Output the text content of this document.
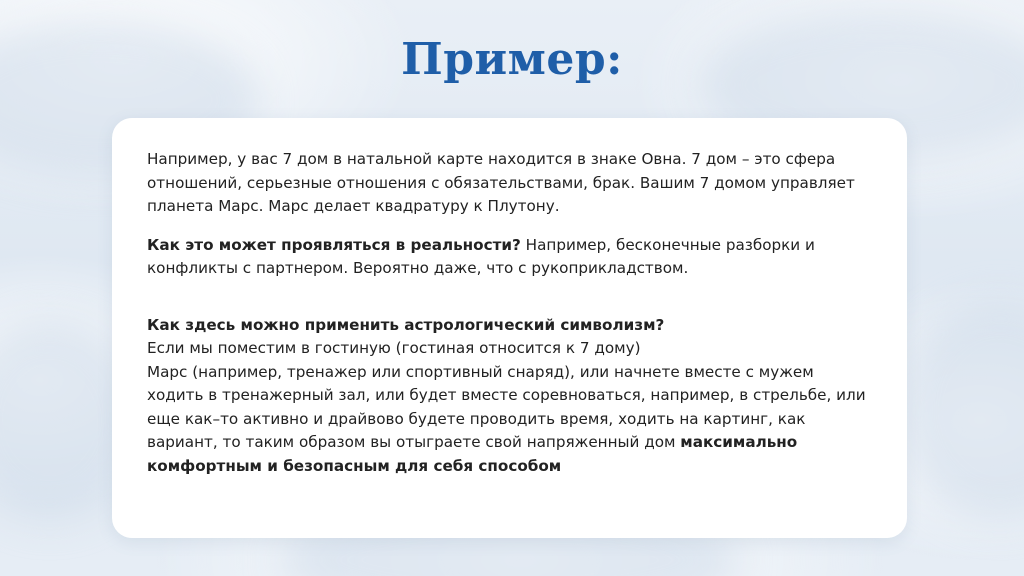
Пример:

Например, у вас 7 дом в натальной карте находится в знаке Овна. 7 дом – это сфера отношений, серьезные отношения с обязательствами, брак. Вашим 7 домом управляет планета Марс. Марс делает квадратуру к Плутону.

Как это может проявляться в реальности? Например, бесконечные разборки и конфликты с партнером. Вероятно даже, что с рукоприкладством.

Как здесь можно применить астрологический символизм?
Если мы поместим в гостиную (гостиная относится к 7 дому)
Марс (например, тренажер или спортивный снаряд), или начнете вместе с мужем ходить в тренажерный зал, или будет вместе соревноваться, например, в стрельбе, или еще как–то активно и драйвово будете проводить время, ходить на картинг, как вариант, то таким образом вы отыграете свой напряженный дом максимально комфортным и безопасным для себя способом
